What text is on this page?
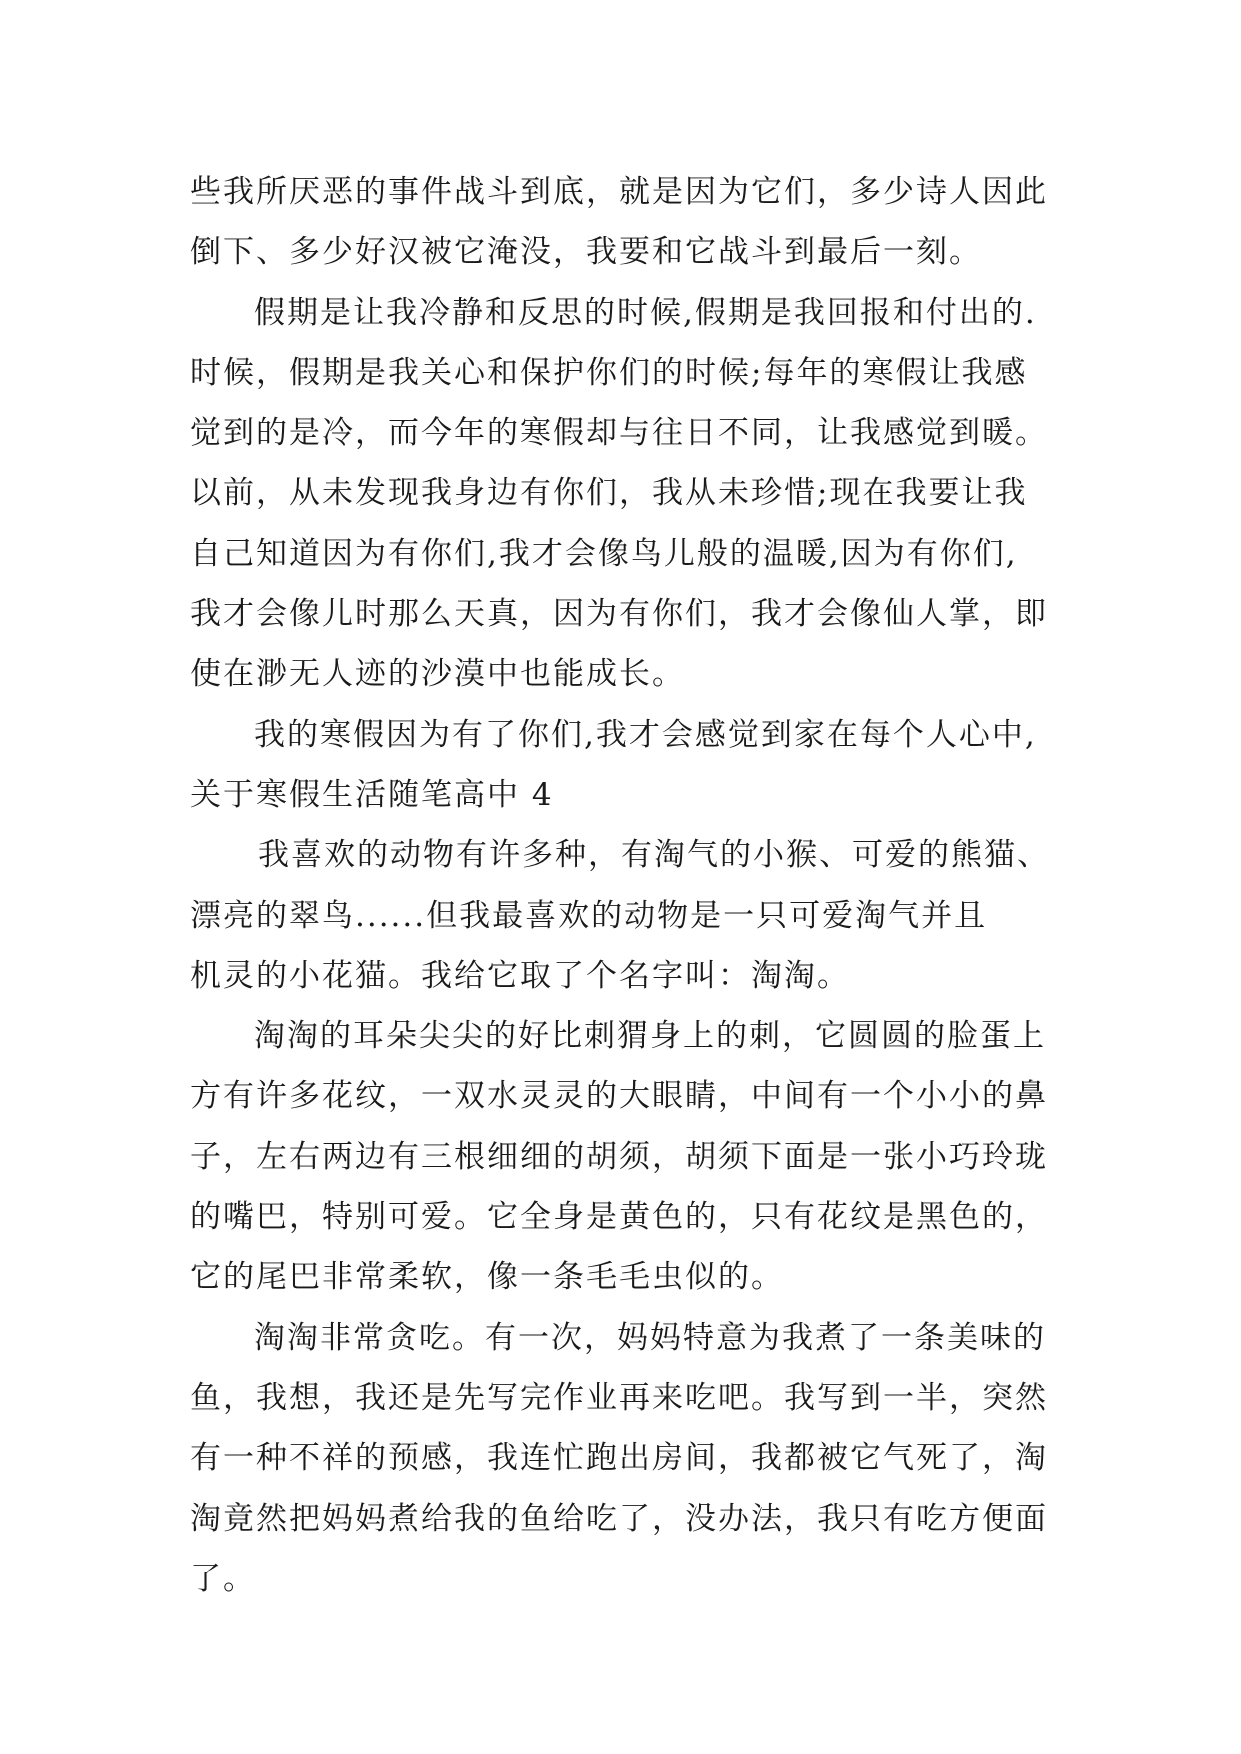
些我所厌恶的事件战斗到底，就是因为它们，多少诗人因此
倒下、多少好汉被它淹没，我要和它战斗到最后一刻。
假期是让我冷静和反思的时候,假期是我回报和付出的.
时候，假期是我关心和保护你们的时候;每年的寒假让我感
觉到的是冷，而今年的寒假却与往日不同，让我感觉到暖。
以前，从未发现我身边有你们，我从未珍惜;现在我要让我
自己知道因为有你们,我才会像鸟儿般的温暖,因为有你们,
我才会像儿时那么天真，因为有你们，我才会像仙人掌，即
使在渺无人迹的沙漠中也能成长。
我的寒假因为有了你们,我才会感觉到家在每个人心中,
关于寒假生活随笔高中 4
我喜欢的动物有许多种，有淘气的小猴、可爱的熊猫、
漂亮的翠鸟......但我最喜欢的动物是一只可爱淘气并且
机灵的小花猫。我给它取了个名字叫：淘淘。
淘淘的耳朵尖尖的好比刺猬身上的刺，它圆圆的脸蛋上
方有许多花纹，一双水灵灵的大眼睛，中间有一个小小的鼻
子，左右两边有三根细细的胡须，胡须下面是一张小巧玲珑
的嘴巴，特别可爱。它全身是黄色的，只有花纹是黑色的，
它的尾巴非常柔软，像一条毛毛虫似的。
淘淘非常贪吃。有一次，妈妈特意为我煮了一条美味的
鱼，我想，我还是先写完作业再来吃吧。我写到一半，突然
有一种不祥的预感，我连忙跑出房间，我都被它气死了，淘
淘竟然把妈妈煮给我的鱼给吃了，没办法，我只有吃方便面
了。
